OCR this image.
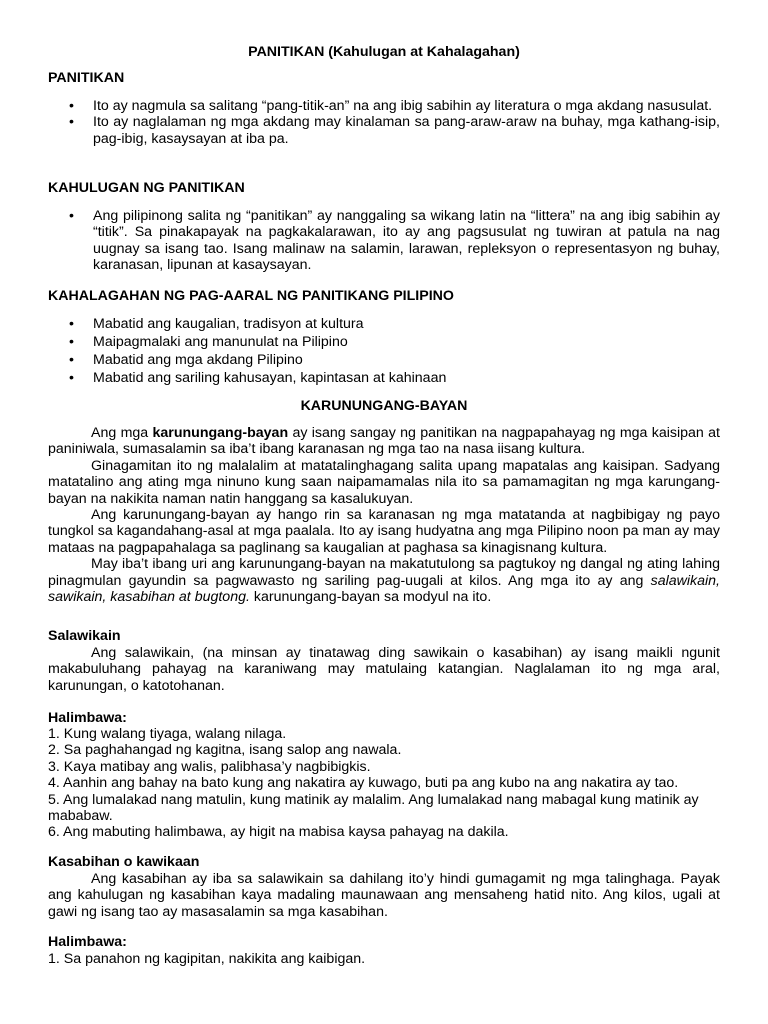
PANITIKAN (Kahulugan at Kahalagahan)
PANITIKAN
• Ito ay nagmula sa salitang “pang-titik-an” na ang ibig sabihin ay literatura o mga akdang nasusulat.
• Ito ay naglalaman ng mga akdang may kinalaman sa pang-araw-araw na buhay, mga kathang-isip, pag-ibig, kasaysayan at iba pa.
KAHULUGAN NG PANITIKAN
• Ang pilipinong salita ng “panitikan” ay nanggaling sa wikang latin na “littera” na ang ibig sabihin ay “titik”. Sa pinakapayak na pagkakalarawan, ito ay ang pagsusulat ng tuwiran at patula na nag uugnay sa isang tao. Isang malinaw na salamin, larawan, repleksyon o representasyon ng buhay, karanasan, lipunan at kasaysayan.
KAHALAGAHAN NG PAG-AARAL NG PANITIKANG PILIPINO
• Mabatid ang kaugalian, tradisyon at kultura
• Maipagmalaki ang manunulat na Pilipino
• Mabatid ang mga akdang Pilipino
• Mabatid ang sariling kahusayan, kapintasan at kahinaan
KARUNUNGANG-BAYAN

Ang mga karunungang-bayan ay isang sangay ng panitikan na nagpapahayag ng mga kaisipan at paniniwala, sumasalamin sa iba’t ibang karanasan ng mga tao na nasa iisang kultura.

Ginagamitan ito ng malalalim at matatalinghagang salita upang mapatalas ang kaisipan. Sadyang matatalino ang ating mga ninuno kung saan naipamamalas nila ito sa pamamagitan ng mga karungang-bayan na nakikita naman natin hanggang sa kasalukuyan.

Ang karunungang-bayan ay hango rin sa karanasan ng mga matatanda at nagbibigay ng payo tungkol sa kagandahang-asal at mga paalala. Ito ay isang hudyatna ang mga Pilipino noon pa man ay may mataas na pagpapahalaga sa paglinang sa kaugalian at paghasa sa kinagisnang kultura.

May iba’t ibang uri ang karunungang-bayan na makatutulong sa pagtukoy ng dangal ng ating lahing pinagmulan gayundin sa pagwawasto ng sariling pag-uugali at kilos. Ang mga ito ay ang salawikain, sawikain, kasabihan at bugtong. karunungang-bayan sa modyul na ito.

Salawikain

Ang salawikain, (na minsan ay tinatawag ding sawikain o kasabihan) ay isang maikli ngunit makabuluhang pahayag na karaniwang may matulaing katangian. Naglalaman ito ng mga aral, karunungan, o katotohanan.

Halimbawa:
1. Kung walang tiyaga, walang nilaga.
2. Sa paghahangad ng kagitna, isang salop ang nawala.
3. Kaya matibay ang walis, palibhasa’y nagbibigkis.
4. Aanhin ang bahay na bato kung ang nakatira ay kuwago, buti pa ang kubo na ang nakatira ay tao.
5. Ang lumalakad nang matulin, kung matinik ay malalim. Ang lumalakad nang mabagal kung matinik ay mababaw.
6. Ang mabuting halimbawa, ay higit na mabisa kaysa pahayag na dakila.
Kasabihan o kawikaan

Ang kasabihan ay iba sa salawikain sa dahilang ito’y hindi gumagamit ng mga talinghaga. Payak ang kahulugan ng kasabihan kaya madaling maunawaan ang mensaheng hatid nito. Ang kilos, ugali at gawi ng isang tao ay masasalamin sa mga kasabihan.

Halimbawa:
1. Sa panahon ng kagipitan, nakikita ang kaibigan.
